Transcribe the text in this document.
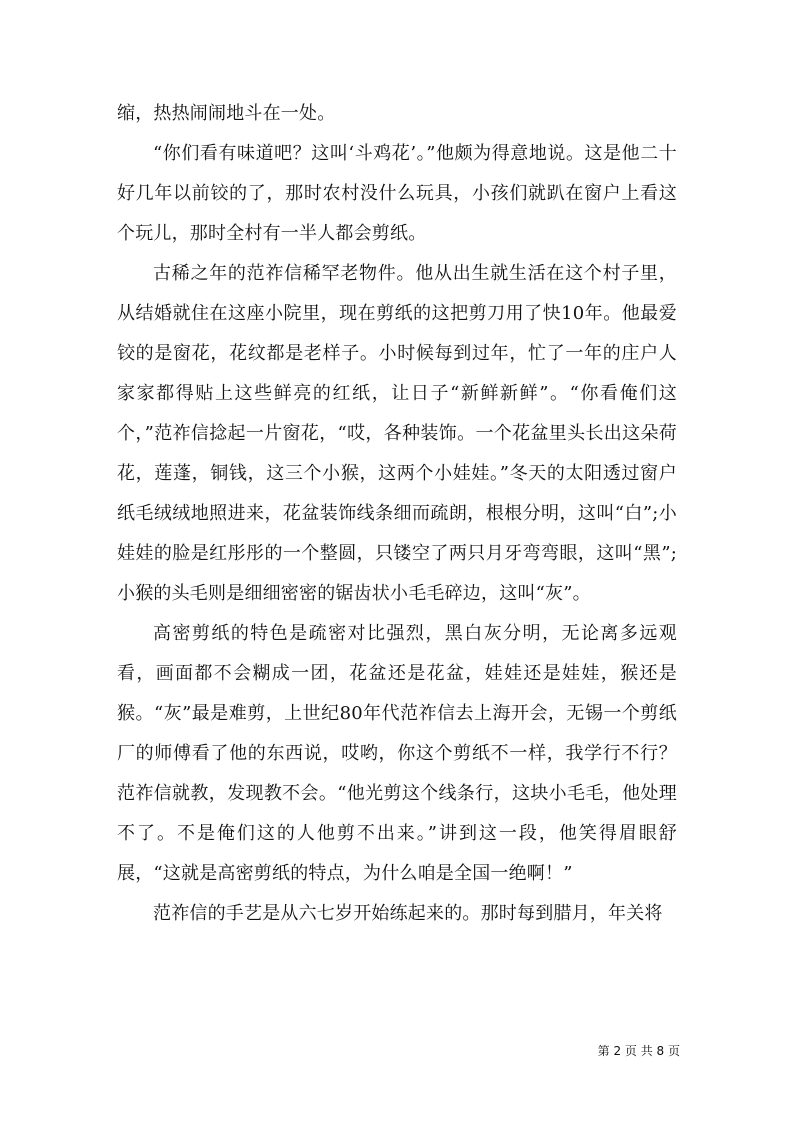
缩，热热闹闹地斗在一处。

“你们看有味道吧？这叫‘斗鸡花’。”他颇为得意地说。这是他二十好几年以前铰的了，那时农村没什么玩具，小孩们就趴在窗户上看这个玩儿，那时全村有一半人都会剪纸。

古稀之年的范祚信稀罕老物件。他从出生就生活在这个村子里，从结婚就住在这座小院里，现在剪纸的这把剪刀用了快10年。他最爱铰的是窗花，花纹都是老样子。小时候每到过年，忙了一年的庄户人家家都得贴上这些鲜亮的红纸，让日子“新鲜新鲜”。“你看俺们这个，”范祚信捻起一片窗花，“哎，各种装饰。一个花盆里头长出这朵荷花，莲蓬，铜钱，这三个小猴，这两个小娃娃。”冬天的太阳透过窗户纸毛绒绒地照进来，花盆装饰线条细而疏朗，根根分明，这叫“白”;小娃娃的脸是红彤彤的一个整圆，只镂空了两只月牙弯弯眼，这叫“黑”;小猴的头毛则是细细密密的锯齿状小毛毛碎边，这叫“灰”。

高密剪纸的特色是疏密对比强烈，黑白灰分明，无论离多远观看，画面都不会糊成一团，花盆还是花盆，娃娃还是娃娃，猴还是猴。“灰”最是难剪，上世纪80年代范祚信去上海开会，无锡一个剪纸厂的师傅看了他的东西说，哎哟，你这个剪纸不一样，我学行不行？范祚信就教，发现教不会。“他光剪这个线条行，这块小毛毛，他处理不了。不是俺们这的人他剪不出来。”讲到这一段，他笑得眉眼舒展，“这就是高密剪纸的特点，为什么咱是全国一绝啊！”

范祚信的手艺是从六七岁开始练起来的。那时每到腊月，年关将

第 2 页 共 8 页
